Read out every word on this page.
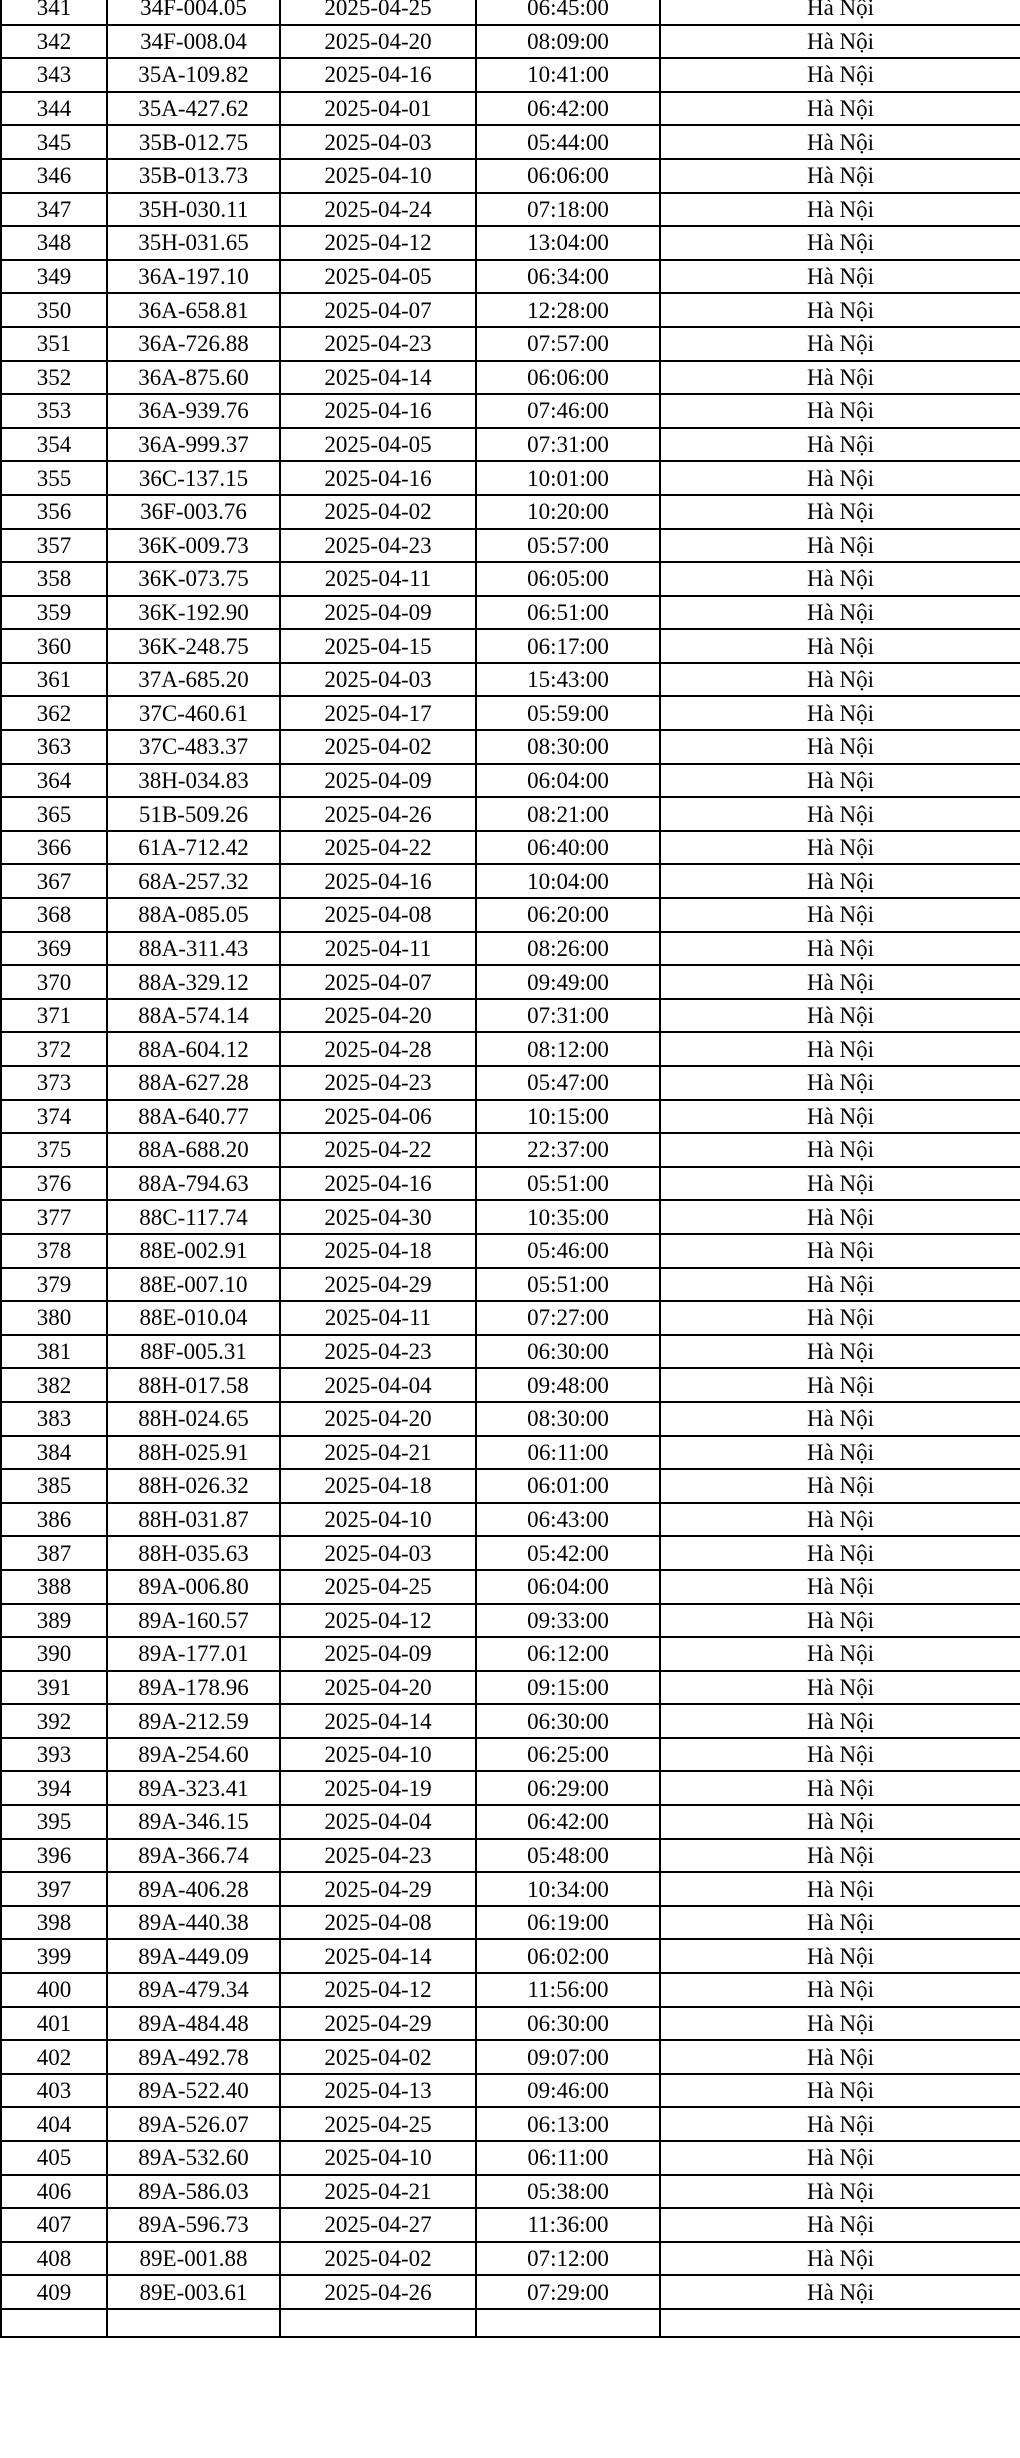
341	34F-004.05	2025-04-25	06:45:00	Hà Nội
342	34F-008.04	2025-04-20	08:09:00	Hà Nội
343	35A-109.82	2025-04-16	10:41:00	Hà Nội
344	35A-427.62	2025-04-01	06:42:00	Hà Nội
345	35B-012.75	2025-04-03	05:44:00	Hà Nội
346	35B-013.73	2025-04-10	06:06:00	Hà Nội
347	35H-030.11	2025-04-24	07:18:00	Hà Nội
348	35H-031.65	2025-04-12	13:04:00	Hà Nội
349	36A-197.10	2025-04-05	06:34:00	Hà Nội
350	36A-658.81	2025-04-07	12:28:00	Hà Nội
351	36A-726.88	2025-04-23	07:57:00	Hà Nội
352	36A-875.60	2025-04-14	06:06:00	Hà Nội
353	36A-939.76	2025-04-16	07:46:00	Hà Nội
354	36A-999.37	2025-04-05	07:31:00	Hà Nội
355	36C-137.15	2025-04-16	10:01:00	Hà Nội
356	36F-003.76	2025-04-02	10:20:00	Hà Nội
357	36K-009.73	2025-04-23	05:57:00	Hà Nội
358	36K-073.75	2025-04-11	06:05:00	Hà Nội
359	36K-192.90	2025-04-09	06:51:00	Hà Nội
360	36K-248.75	2025-04-15	06:17:00	Hà Nội
361	37A-685.20	2025-04-03	15:43:00	Hà Nội
362	37C-460.61	2025-04-17	05:59:00	Hà Nội
363	37C-483.37	2025-04-02	08:30:00	Hà Nội
364	38H-034.83	2025-04-09	06:04:00	Hà Nội
365	51B-509.26	2025-04-26	08:21:00	Hà Nội
366	61A-712.42	2025-04-22	06:40:00	Hà Nội
367	68A-257.32	2025-04-16	10:04:00	Hà Nội
368	88A-085.05	2025-04-08	06:20:00	Hà Nội
369	88A-311.43	2025-04-11	08:26:00	Hà Nội
370	88A-329.12	2025-04-07	09:49:00	Hà Nội
371	88A-574.14	2025-04-20	07:31:00	Hà Nội
372	88A-604.12	2025-04-28	08:12:00	Hà Nội
373	88A-627.28	2025-04-23	05:47:00	Hà Nội
374	88A-640.77	2025-04-06	10:15:00	Hà Nội
375	88A-688.20	2025-04-22	22:37:00	Hà Nội
376	88A-794.63	2025-04-16	05:51:00	Hà Nội
377	88C-117.74	2025-04-30	10:35:00	Hà Nội
378	88E-002.91	2025-04-18	05:46:00	Hà Nội
379	88E-007.10	2025-04-29	05:51:00	Hà Nội
380	88E-010.04	2025-04-11	07:27:00	Hà Nội
381	88F-005.31	2025-04-23	06:30:00	Hà Nội
382	88H-017.58	2025-04-04	09:48:00	Hà Nội
383	88H-024.65	2025-04-20	08:30:00	Hà Nội
384	88H-025.91	2025-04-21	06:11:00	Hà Nội
385	88H-026.32	2025-04-18	06:01:00	Hà Nội
386	88H-031.87	2025-04-10	06:43:00	Hà Nội
387	88H-035.63	2025-04-03	05:42:00	Hà Nội
388	89A-006.80	2025-04-25	06:04:00	Hà Nội
389	89A-160.57	2025-04-12	09:33:00	Hà Nội
390	89A-177.01	2025-04-09	06:12:00	Hà Nội
391	89A-178.96	2025-04-20	09:15:00	Hà Nội
392	89A-212.59	2025-04-14	06:30:00	Hà Nội
393	89A-254.60	2025-04-10	06:25:00	Hà Nội
394	89A-323.41	2025-04-19	06:29:00	Hà Nội
395	89A-346.15	2025-04-04	06:42:00	Hà Nội
396	89A-366.74	2025-04-23	05:48:00	Hà Nội
397	89A-406.28	2025-04-29	10:34:00	Hà Nội
398	89A-440.38	2025-04-08	06:19:00	Hà Nội
399	89A-449.09	2025-04-14	06:02:00	Hà Nội
400	89A-479.34	2025-04-12	11:56:00	Hà Nội
401	89A-484.48	2025-04-29	06:30:00	Hà Nội
402	89A-492.78	2025-04-02	09:07:00	Hà Nội
403	89A-522.40	2025-04-13	09:46:00	Hà Nội
404	89A-526.07	2025-04-25	06:13:00	Hà Nội
405	89A-532.60	2025-04-10	06:11:00	Hà Nội
406	89A-586.03	2025-04-21	05:38:00	Hà Nội
407	89A-596.73	2025-04-27	11:36:00	Hà Nội
408	89E-001.88	2025-04-02	07:12:00	Hà Nội
409	89E-003.61	2025-04-26	07:29:00	Hà Nội
